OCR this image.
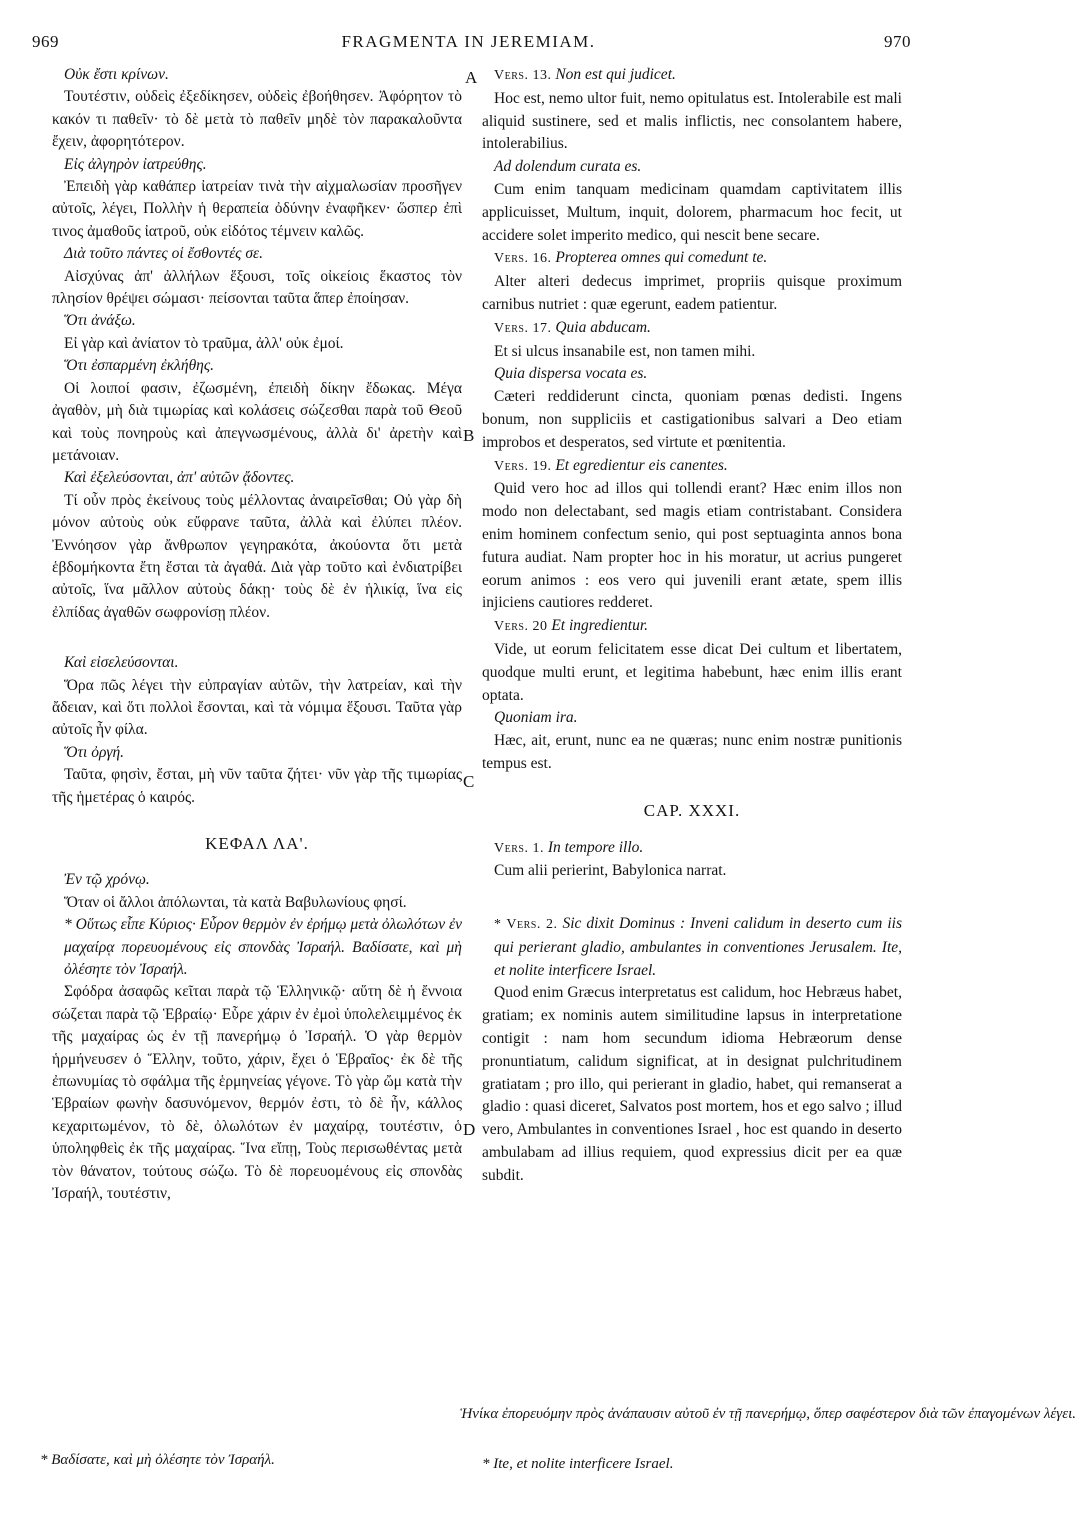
969	FRAGMENTA IN JEREMIAM.	970
A
B
C
D

Οὐκ ἔστι κρίνων.

Τουτέστιν, οὐδεὶς ἐξεδίκησεν, οὐδεὶς ἐβοήθησεν. Ἀφόρητον τὸ κακόν τι παθεῖν· τὸ δὲ μετὰ τὸ παθεῖν μηδὲ τὸν παρακαλοῦντα ἔχειν, ἀφορητότερον.

Εἰς ἀλγηρὸν ἰατρεύθης.

Ἐπειδὴ γὰρ καθάπερ ἰατρείαν τινὰ τὴν αἰχμαλωσίαν προσῆγεν αὐτοῖς, λέγει, Πολλὴν ἡ θεραπεία ὀδύνην ἐναφῆκεν· ὥσπερ ἐπὶ τινος ἀμαθοῦς ἰατροῦ, οὐκ εἰδότος τέμνειν καλῶς.

Διὰ τοῦτο πάντες οἱ ἔσθοντές σε.

Αἰσχύνας ἀπ' ἀλλήλων ἕξουσι, τοῖς οἰκείοις ἕκαστος τὸν πλησίον θρέψει σώμασι· πείσονται ταῦτα ἅπερ ἐποίησαν.

Ὅτι ἀνάξω.

Εἰ γὰρ καὶ ἀνίατον τὸ τραῦμα, ἀλλ' οὐκ ἐμοί.

Ὅτι ἐσπαρμένη ἐκλήθης.

Οἱ λοιποί φασιν, ἐζωσμένη, ἐπειδὴ δίκην ἔδωκας. Μέγα ἀγαθὸν, μὴ διὰ τιμωρίας καὶ κολάσεις σώζεσθαι παρὰ τοῦ Θεοῦ καὶ τοὺς πονηροὺς καὶ ἀπεγνωσμένους, ἀλλὰ δι' ἀρετὴν καὶ μετάνοιαν.

Καὶ ἐξελεύσονται, ἀπ' αὐτῶν ᾄδοντες.

Τί οὖν πρὸς ἐκείνους τοὺς μέλλοντας ἀναιρεῖσθαι; Οὐ γὰρ δὴ μόνον αὐτοὺς οὐκ εὔφρανε ταῦτα, ἀλλὰ καὶ ἐλύπει πλέον. Ἐννόησον γὰρ ἄνθρωπον γεγηρακότα, ἀκούοντα ὅτι μετὰ ἑβδομήκοντα ἔτη ἔσται τὰ ἀγαθά. Διὰ γὰρ τοῦτο καὶ ἐνδιατρίβει αὐτοῖς, ἵνα μᾶλλον αὐτοὺς δάκῃ· τοὺς δὲ ἐν ἡλικίᾳ, ἵνα εἰς ἐλπίδας ἀγαθῶν σωφρονίσῃ πλέον.

Καὶ εἰσελεύσονται.

Ὅρα πῶς λέγει τὴν εὐπραγίαν αὐτῶν, τὴν λατρείαν, καὶ τὴν ἄδειαν, καὶ ὅτι πολλοὶ ἔσονται, καὶ τὰ νόμιμα ἕξουσι. Ταῦτα γὰρ αὐτοῖς ἦν φίλα.

Ὅτι ὀργή.

Ταῦτα, φησὶν, ἔσται, μὴ νῦν ταῦτα ζήτει· νῦν γὰρ τῆς τιμωρίας τῆς ἡμετέρας ὁ καιρός.

ΚΕΦΑΛ ΛΑ'.

Ἐν τῷ χρόνῳ.

Ὅταν οἱ ἄλλοι ἀπόλωνται, τὰ κατὰ Βαβυλωνίους φησί.

* Οὕτως εἶπε Κύριος· Εὗρον θερμὸν ἐν ἐρήμῳ μετὰ ὀλωλότων ἐν μαχαίρᾳ πορευομένους εἰς σπονδὰς Ἰσραήλ. Βαδίσατε, καὶ μὴ ὀλέσητε τὸν Ἰσραήλ.

Σφόδρα ἀσαφῶς κεῖται παρὰ τῷ Ἑλληνικῷ· αὕτη δὲ ἡ ἔννοια σώζεται παρὰ τῷ Ἑβραίῳ· Εὗρε χάριν ἐν ἐμοὶ ὑπολελειμμένος ἐκ τῆς μαχαίρας ὡς ἐν τῇ πανερήμῳ ὁ Ἰσραήλ. Ὁ γὰρ θερμὸν ἡρμήνευσεν ὁ Ἕλλην, τοῦτο, χάριν, ἔχει ὁ Ἑβραῖος· ἐκ δὲ τῆς ἐπωνυμίας τὸ σφάλμα τῆς ἑρμηνείας γέγονε. Τὸ γὰρ ὤμ κατὰ τὴν Ἑβραίων φωνὴν δασυνόμενον, θερμόν ἐστι, τὸ δὲ ἦν, κάλλος κεχαριτωμένον, τὸ δὲ, ὀλωλότων ἐν μαχαίρᾳ, τουτέστιν, ὁ ὑποληφθεὶς ἐκ τῆς μαχαίρας. Ἵνα εἴπῃ, Τοὺς περισωθέντας μετὰ τὸν θάνατον, τούτους σώζω. Τὸ δὲ πορευομένους εἰς σπονδὰς Ἰσραήλ, τουτέστιν,

Vers. 13. Non est qui judicet.

Hoc est, nemo ultor fuit, nemo opitulatus est. Intolerabile est mali aliquid sustinere, sed et malis inflictis, nec consolantem habere, intolerabilius.

Ad dolendum curata es.

Cum enim tanquam medicinam quamdam captivitatem illis applicuisset, Multum, inquit, dolorem, pharmacum hoc fecit, ut accidere solet imperito medico, qui nescit bene secare.

Vers. 16. Propterea omnes qui comedunt te.

Alter alteri dedecus imprimet, propriis quisque proximum carnibus nutriet : quæ egerunt, eadem patientur.

Vers. 17. Quia abducam.

Et si ulcus insanabile est, non tamen mihi.

Quia dispersa vocata es.

Cæteri reddiderunt cincta, quoniam pœnas dedisti. Ingens bonum, non suppliciis et castigationibus salvari a Deo etiam improbos et desperatos, sed virtute et pœnitentia.

Vers. 19. Et egredientur eis canentes.

Quid vero hoc ad illos qui tollendi erant? Hæc enim illos non modo non delectabant, sed magis etiam contristabant. Considera enim hominem confectum senio, qui post septuaginta annos bona futura audiat. Nam propter hoc in his moratur, ut acrius pungeret eorum animos : eos vero qui juvenili erant ætate, spem illis injiciens cautiores redderet.

Vers. 20 Et ingredientur.

Vide, ut eorum felicitatem esse dicat Dei cultum et libertatem, quodque multi erunt, et legitima habebunt, hæc enim illis erant optata.

Quoniam ira.

Hæc, ait, erunt, nunc ea ne quæras; nunc enim nostræ punitionis tempus est.

CAP. XXXI.

Vers. 1. In tempore illo.

Cum alii perierint, Babylonica narrat.

* Vers. 2. Sic dixit Dominus : Inveni calidum in deserto cum iis qui perierant gladio, ambulantes in conventiones Jerusalem. Ite, et nolite interficere Israel.

Quod enim Græcus interpretatus est calidum, hoc Hebræus habet, gratiam; ex nominis autem similitudine lapsus in interpretatione contigit : nam hom secundum idioma Hebræorum dense pronuntiatum, calidum significat, at in designat pulchritudinem gratiatam ; pro illo, qui perierant in gladio, habet, qui remanserat a gladio : quasi diceret, Salvatos post mortem, hos et ego salvo ; illud vero, Ambulantes in conventiones Israel , hoc est quando in deserto ambulabam ad illius requiem, quod expressius dicit per ea quæ subdit.

Ἡνίκα ἐπορευόμην πρὸς ἀνάπαυσιν αὐτοῦ ἐν τῇ πανερήμῳ, ὅπερ σαφέστερον διὰ τῶν ἐπαγομένων λέγει.
* Βαδίσατε, καὶ μὴ ὀλέσητε τὸν Ἰσραήλ.	* Ite, et nolite interficere Israel.
